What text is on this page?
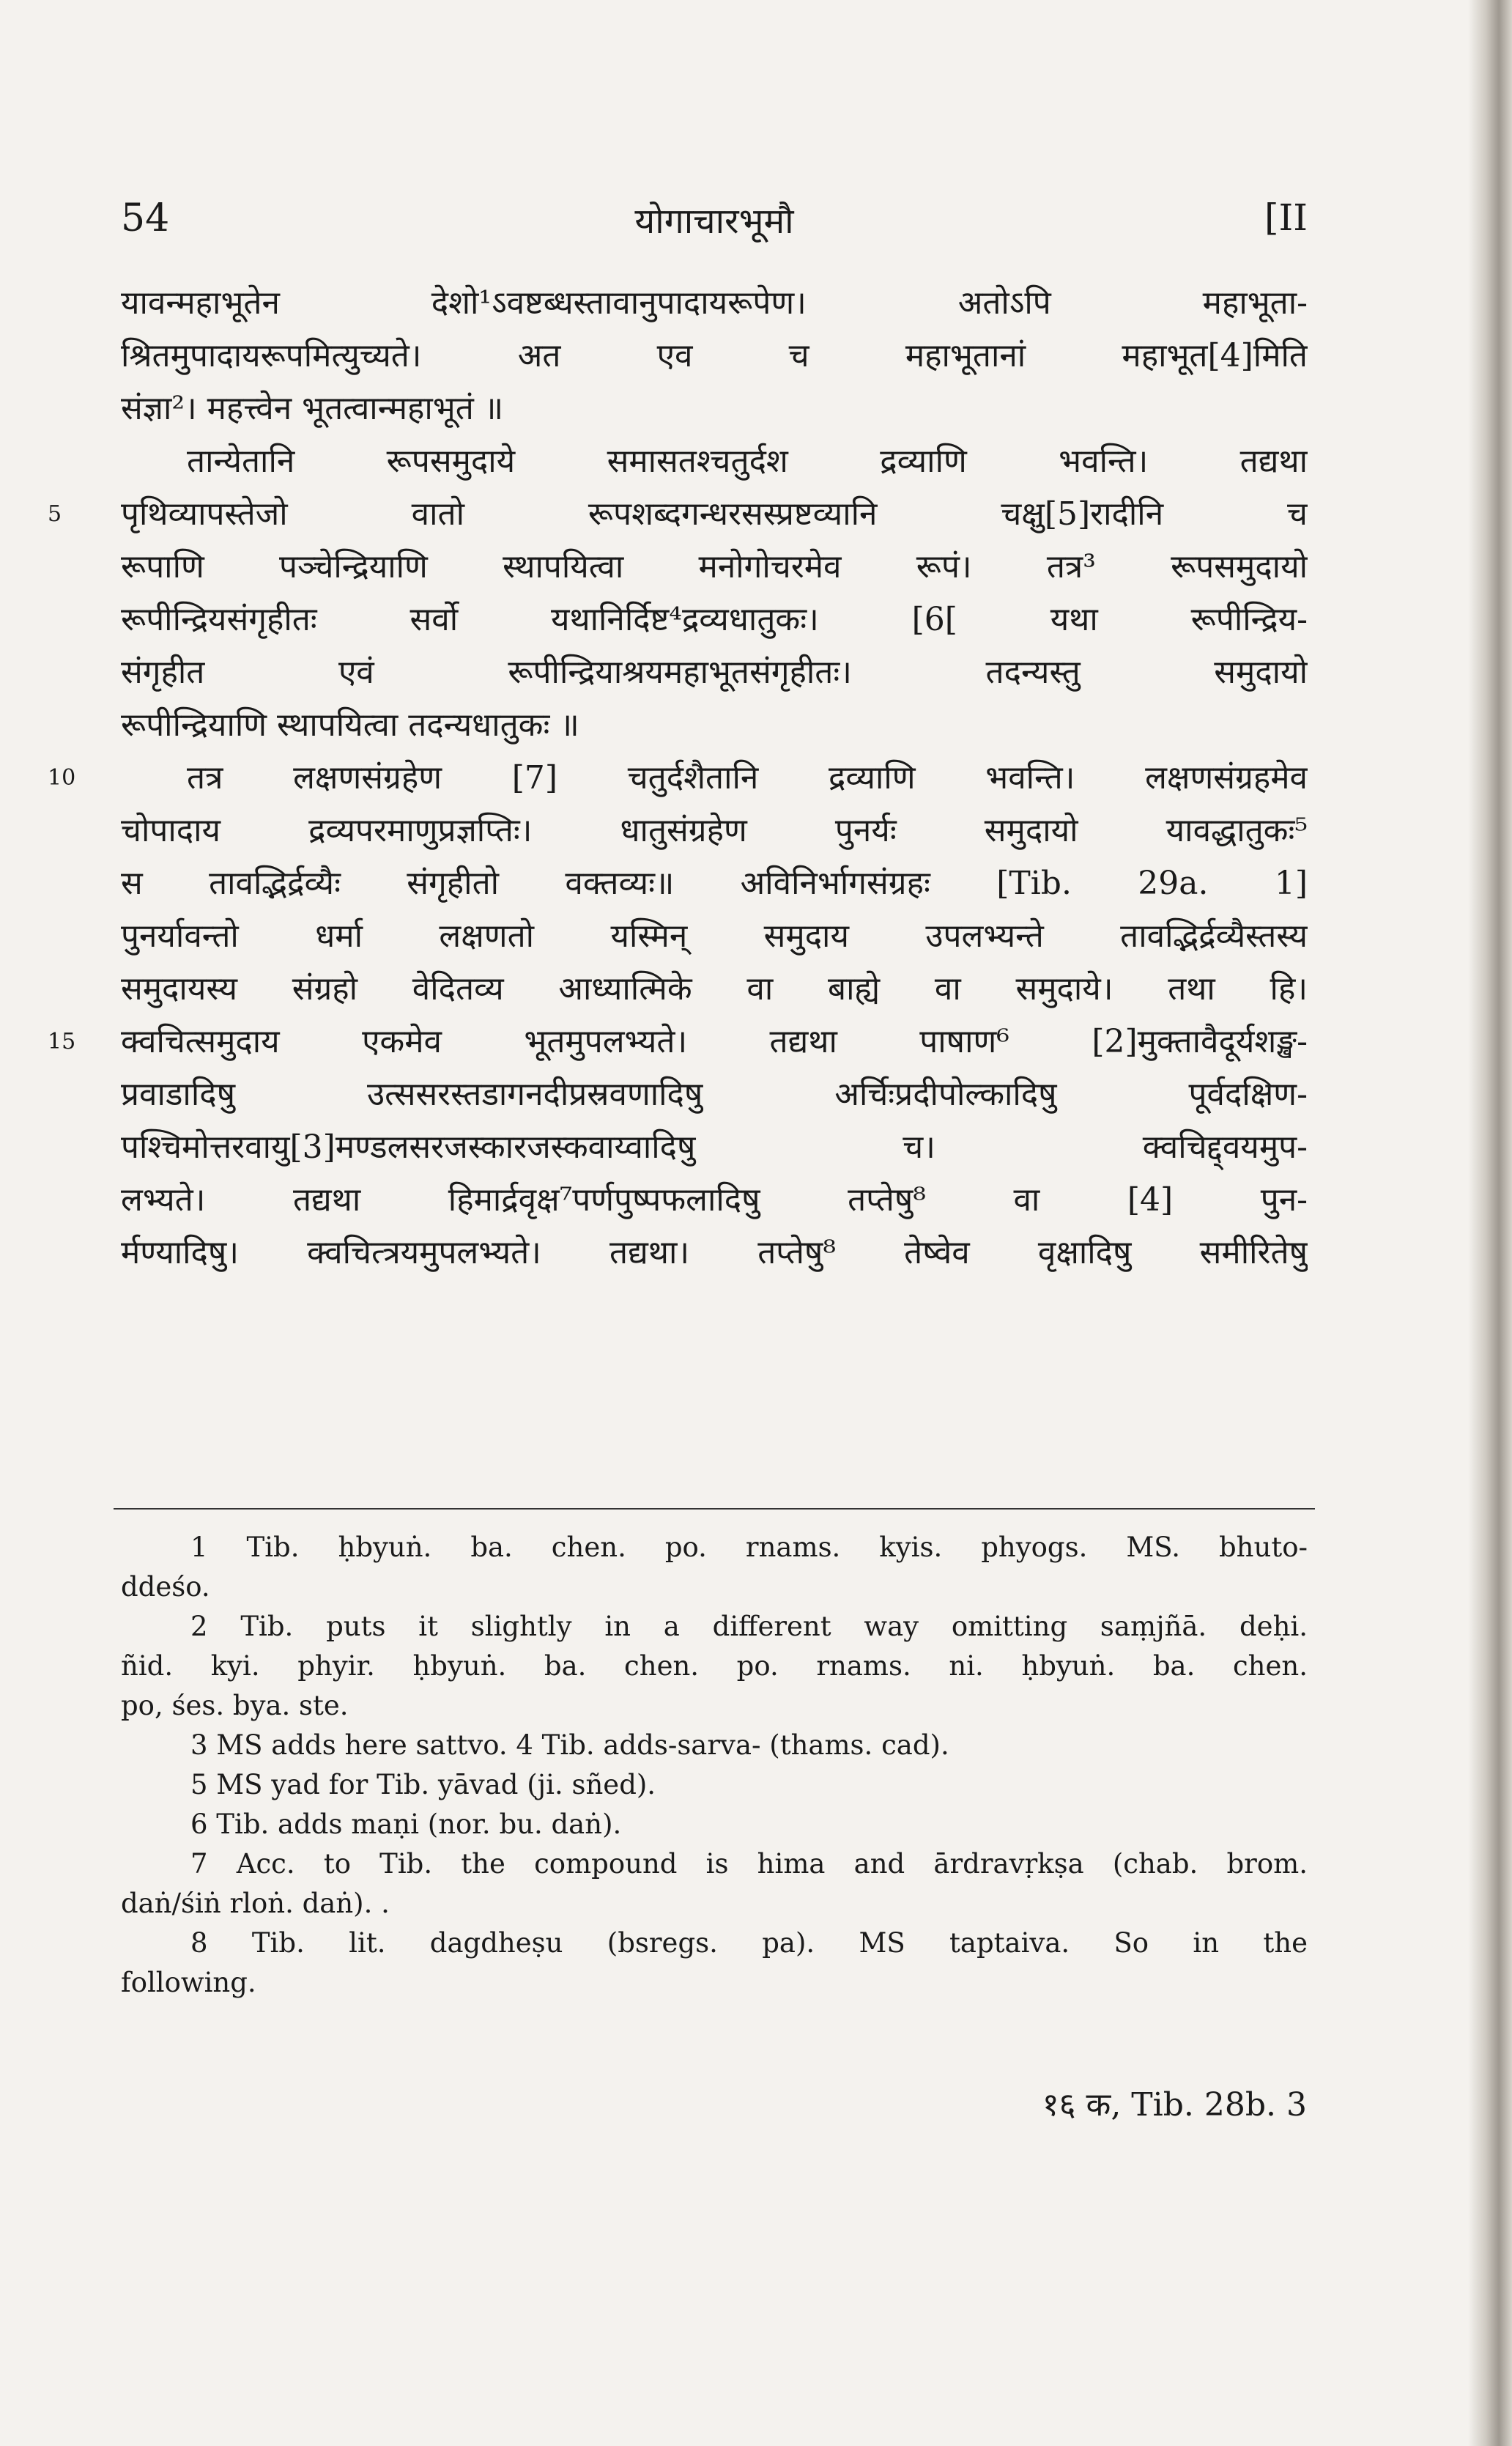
54	योगाचारभूमौ	[II
यावन्महाभूतेन देशो¹ऽवष्टब्धस्तावानुपादायरूपेण। अतोऽपि महाभूता-
श्रितमुपादायरूपमित्युच्यते। अत एव च महाभूतानां महाभूत[4]मिति
संज्ञा²। महत्त्वेन भूतत्वान्महाभूतं ॥
तान्येतानि रूपसमुदाये समासतश्चतुर्दश द्रव्याणि भवन्ति। तद्यथा
पृथिव्यापस्तेजो वातो रूपशब्दगन्धरसस्प्रष्टव्यानि चक्षु[5]रादीनि च
5
रूपाणि पञ्चेन्द्रियाणि स्थापयित्वा मनोगोचरमेव रूपं। तत्र³ रूपसमुदायो
रूपीन्द्रियसंगृहीतः सर्वो यथानिर्दिष्ट⁴द्रव्यधातुकः। [6[ यथा रूपीन्द्रिय-
संगृहीत एवं रूपीन्द्रियाश्रयमहाभूतसंगृहीतः। तदन्यस्तु समुदायो
रूपीन्द्रियाणि स्थापयित्वा तदन्यधातुकः ॥
तत्र लक्षणसंग्रहेण [7] चतुर्दशैतानि द्रव्याणि भवन्ति। लक्षणसंग्रहमेव
10
चोपादाय द्रव्यपरमाणुप्रज्ञप्तिः। धातुसंग्रहेण पुनर्यः समुदायो यावद्धातुकः⁵
स तावद्भिर्द्रव्यैः संगृहीतो वक्तव्यः॥ अविनिर्भागसंग्रहः [Tib. 29a. 1]
पुनर्यावन्तो धर्मा लक्षणतो यस्मिन् समुदाय उपलभ्यन्ते तावद्भिर्द्रव्यैस्तस्य
समुदायस्य संग्रहो वेदितव्य आध्यात्मिके वा बाह्ये वा समुदाये। तथा हि।
क्वचित्समुदाय एकमेव भूतमुपलभ्यते। तद्यथा पाषाण⁶ [2]मुक्तावैदूर्यशङ्ख-
15
प्रवाडादिषु उत्ससरस्तडागनदीप्रस्रवणादिषु अर्चिःप्रदीपोल्कादिषु पूर्वदक्षिण-
पश्चिमोत्तरवायु[3]मण्डलसरजस्कारजस्कवाय्वादिषु च। क्वचिद्द्वयमुप-
लभ्यते। तद्यथा हिमार्द्रवृक्ष⁷पर्णपुष्पफलादिषु तप्तेषु⁸ वा [4] पुन-
र्मण्यादिषु। क्वचित्त्रयमुपलभ्यते। तद्यथा। तप्तेषु⁸ तेष्वेव वृक्षादिषु समीरितेषु
1 Tib. ḥbyuṅ. ba. chen. po. rnams. kyis. phyogs. MS. bhuto-
ddeśo.
2 Tib. puts it slightly in a different way omitting saṃjñā. deḥi.
ñid. kyi. phyir. ḥbyuṅ. ba. chen. po. rnams. ni. ḥbyuṅ. ba. chen.
po, śes. bya. ste.
3 MS adds here sattvo. 4 Tib. adds-sarva- (thams. cad).
5 MS yad for Tib. yāvad (ji. sñed).
6 Tib. adds maṇi (nor. bu. daṅ).
7 Acc. to Tib. the compound is hima and ārdravṛkṣa (chab. brom.
daṅ/śiṅ rloṅ. daṅ). .
8 Tib. lit. dagdheṣu (bsregs. pa). MS taptaiva. So in the
following.
१६ क, Tib. 28b. 3
